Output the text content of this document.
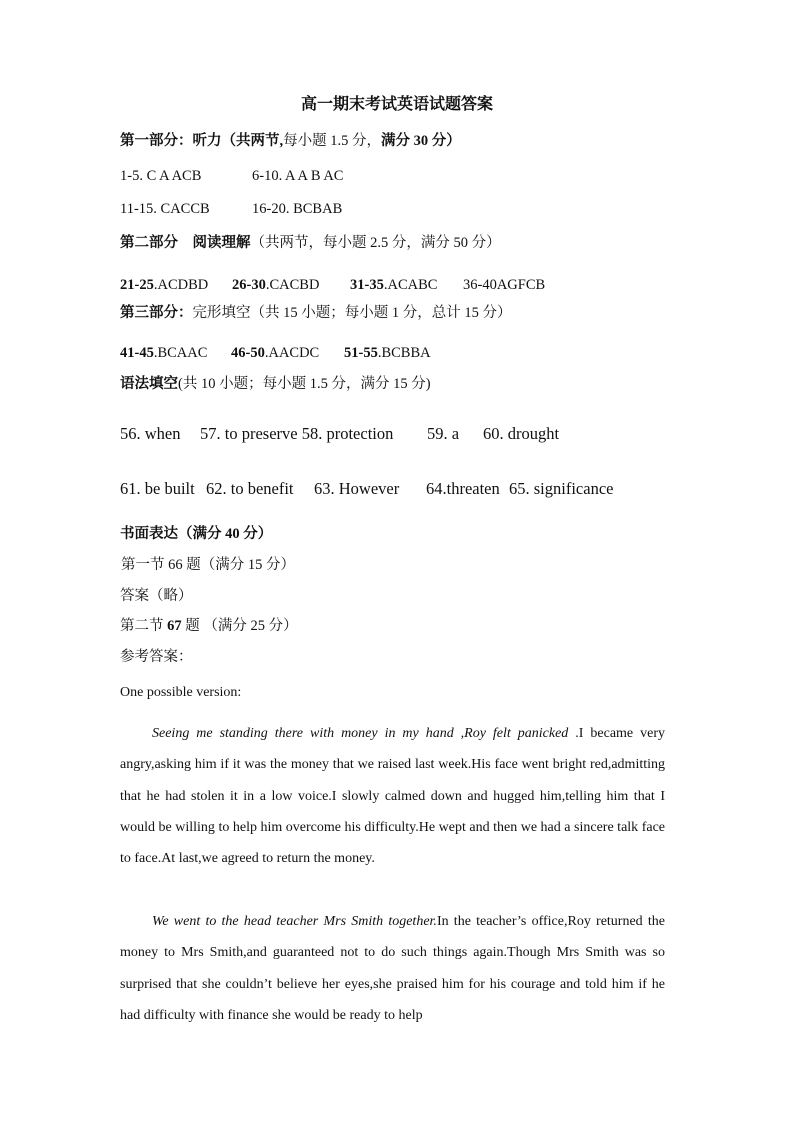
高一期末考试英语试题答案
第一部分：听力（共两节,每小题 1.5 分，满分 30 分）
1-5. C A ACB	6-10. A A B AC
11-15. CACCB	16-20. BCBAB
第二部分　阅读理解（共两节，每小题 2.5 分，满分 50 分）
21-25.ACDBD 26-30.CACBD 31-35.ACABC 36-40AGFCB
第三部分：完形填空（共 15 小题；每小题 1 分，总计 15 分）
41-45.BCAAC 46-50.AACDC 51-55.BCBBA
语法填空(共 10 小题；每小题 1.5 分，满分 15 分)
56. when 57. to preserve 58. protection 59. a 60. drought
61. be built 62. to benefit 63. However 64.threaten 65. significance
书面表达（满分 40 分）
第一节 66 题（满分 15 分）
答案（略）
第二节 67 题 （满分 25 分）
参考答案：
One possible version:
Seeing me standing there with money in my hand ,Roy felt panicked .I became very angry,asking him if it was the money that we raised last week.His face went bright red,admitting that he had stolen it in a low voice.I slowly calmed down and hugged him,telling him that I would be willing to help him overcome his difficulty.He wept and then we had a sincere talk face to face.At last,we agreed to return the money.
We went to the head teacher Mrs Smith together.In the teacher’s office,Roy returned the money to Mrs Smith,and guaranteed not to do such things again.Though Mrs Smith was so surprised that she couldn’t believe her eyes,she praised him for his courage and told him if he had difficulty with finance she would be ready to help
